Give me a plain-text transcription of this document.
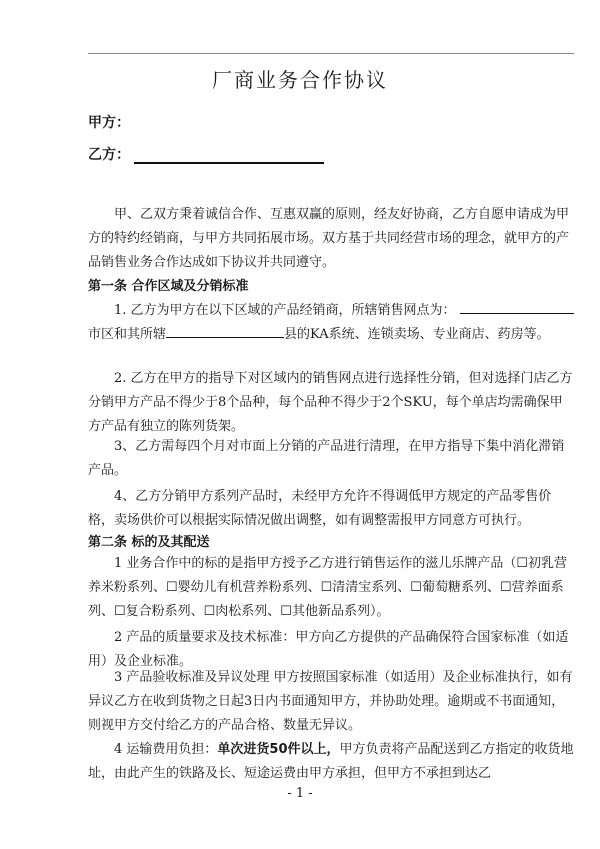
厂商业务合作协议
甲方：
乙方：

甲、乙双方秉着诚信合作、互惠双赢的原则，经友好协商，乙方自愿申请成为甲方的特约经销商，与甲方共同拓展市场。双方基于共同经营市场的理念，就甲方的产品销售业务合作达成如下协议并共同遵守。

第一条 合作区域及分销标准

1. 乙方为甲方在以下区域的产品经销商，所辖销售网点为：  市区和其所辖	县的KA系统、连锁卖场、专业商店、药房等。

2. 乙方在甲方的指导下对区域内的销售网点进行选择性分销，但对选择门店乙方分销甲方产品不得少于8个品种，每个品种不得少于2个SKU，每个单店均需确保甲方产品有独立的陈列货架。

3、乙方需每四个月对市面上分销的产品进行清理，在甲方指导下集中消化滞销产品。

4、乙方分销甲方系列产品时，未经甲方允许不得调低甲方规定的产品零售价格，卖场供价可以根据实际情况做出调整，如有调整需报甲方同意方可执行。

第二条 标的及其配送

1 业务合作中的标的是指甲方授予乙方进行销售运作的滋儿乐牌产品（☐初乳营养米粉系列、☐婴幼儿有机营养粉系列、☐清清宝系列、☐葡萄糖系列、☐营养面系列、☐复合粉系列、☐肉松系列、☐其他新品系列）。

2 产品的质量要求及技术标准：甲方向乙方提供的产品确保符合国家标准（如适用）及企业标准。

3 产品验收标准及异议处理 甲方按照国家标准（如适用）及企业标准执行，如有异议乙方在收到货物之日起3日内书面通知甲方，并协助处理。逾期或不书面通知，则视甲方交付给乙方的产品合格、数量无异议。

4 运输费用负担：单次进货50件以上，甲方负责将产品配送到乙方指定的收货地址，由此产生的铁路及长、短途运费由甲方承担，但甲方不承担到达乙

- 1 -
